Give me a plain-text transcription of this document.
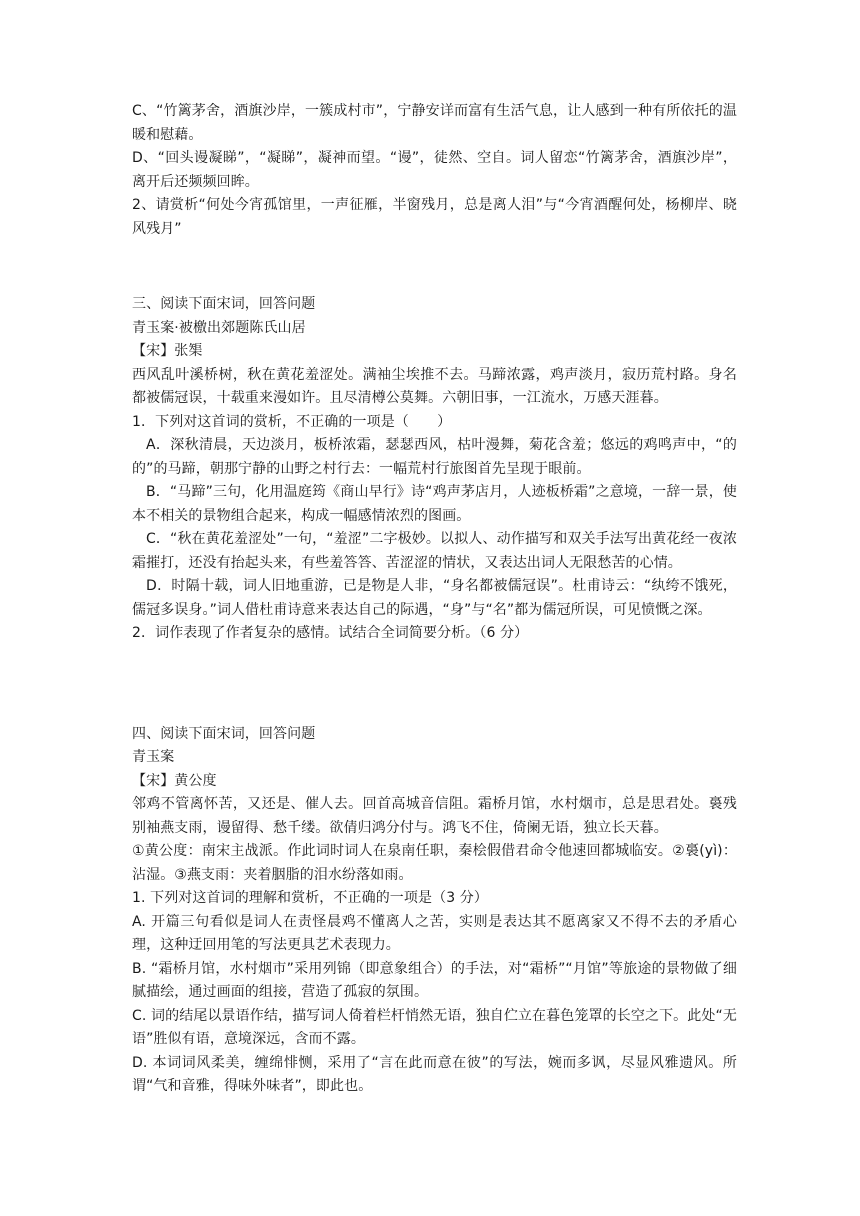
C、“竹篱茅舍，酒旗沙岸，一簇成村市”，宁静安详而富有生活气息，让人感到一种有所依托的温暖和慰藉。

D、“回头谩凝睇”，“凝睇”，凝神而望。“谩”，徒然、空自。词人留恋“竹篱茅舍，酒旗沙岸”，离开后还频频回眸。

2、请赏析“何处今宵孤馆里，一声征雁，半窗残月，总是离人泪”与“今宵酒醒何处，杨柳岸、晓风残月”

三、阅读下面宋词，回答问题

青玉案·被檄出郊题陈氏山居

【宋】张榘

西风乱叶溪桥树，秋在黄花羞涩处。满袖尘埃推不去。马蹄浓露，鸡声淡月，寂历荒村路。身名都被儒冠误，十载重来漫如许。且尽清樽公莫舞。六朝旧事，一江流水，万感天涯暮。

1．下列对这首词的赏析，不正确的一项是（　　）

A．深秋清晨，天边淡月，板桥浓霜，瑟瑟西风，枯叶漫舞，菊花含羞；悠远的鸡鸣声中，“的的”的马蹄，朝那宁静的山野之村行去：一幅荒村行旅图首先呈现于眼前。

B．“马蹄”三句，化用温庭筠《商山早行》诗“鸡声茅店月，人迹板桥霜”之意境，一辞一景，使本不相关的景物组合起来，构成一幅感情浓烈的图画。

C．“秋在黄花羞涩处”一句，“羞涩”二字极妙。以拟人、动作描写和双关手法写出黄花经一夜浓霜摧打，还没有抬起头来，有些羞答答、苦涩涩的情状，又表达出词人无限愁苦的心情。

D．时隔十载，词人旧地重游，已是物是人非，“身名都被儒冠误”。杜甫诗云：“纨绔不饿死，儒冠多误身。”词人借杜甫诗意来表达自己的际遇，“身”与“名”都为儒冠所误，可见愤慨之深。

2．词作表现了作者复杂的感情。试结合全词简要分析。（6 分）

四、阅读下面宋词，回答问题

青玉案

【宋】黄公度

邻鸡不管离怀苦，又还是、催人去。回首高城音信阻。霜桥月馆，水村烟市，总是思君处。裛残别袖燕支雨，谩留得、愁千缕。欲倩归鸿分付与。鸿飞不住，倚阑无语，独立长天暮。

①黄公度：南宋主战派。作此词时词人在泉南任职，秦桧假借君命令他速回都城临安。②裛(yì)：沾湿。③燕支雨：夹着胭脂的泪水纷落如雨。

1. 下列对这首词的理解和赏析，不正确的一项是（3 分）

A. 开篇三句看似是词人在责怪晨鸡不懂离人之苦，实则是表达其不愿离家又不得不去的矛盾心理，这种迂回用笔的写法更具艺术表现力。

B. “霜桥月馆，水村烟市”采用列锦（即意象组合）的手法，对“霜桥”“月馆”等旅途的景物做了细腻描绘，通过画面的组接，营造了孤寂的氛围。

C. 词的结尾以景语作结，描写词人倚着栏杆悄然无语，独自伫立在暮色笼罩的长空之下。此处“无语”胜似有语，意境深远，含而不露。

D. 本词词风柔美，缠绵悱恻，采用了“言在此而意在彼”的写法，婉而多讽，尽显风雅遗风。所谓“气和音雅，得味外味者”，即此也。
